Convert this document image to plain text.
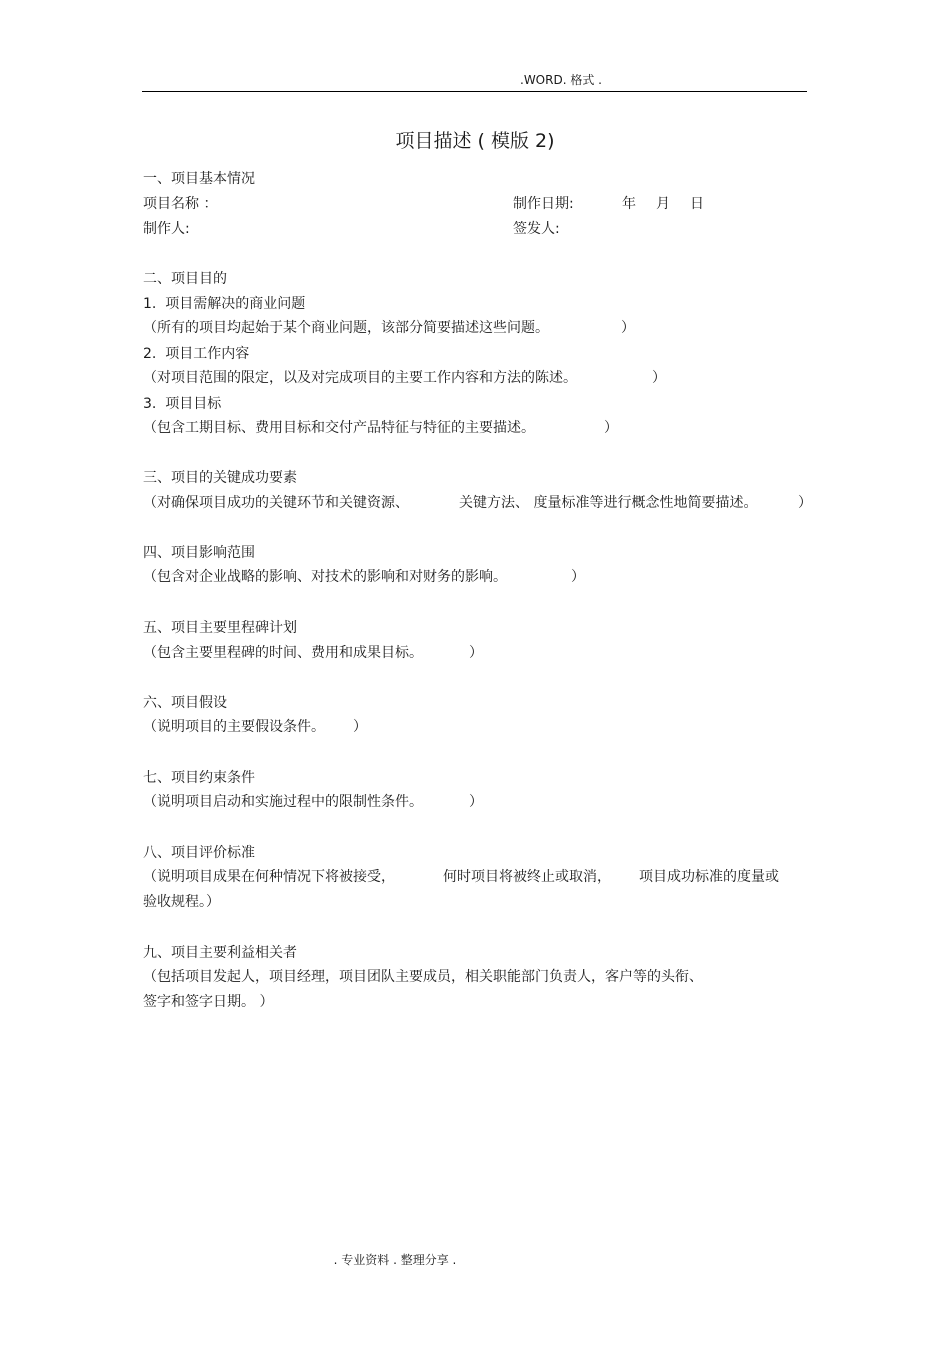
.WORD. 格式 .
项目描述 ( 模版 2)
一、项目基本情况
项目名称 ：	制作日期:	年 月 日
制作人:	签发人:
二、项目目的
1.  项目需解决的商业问题
（所有的项目均起始于某个商业问题，该部分简要描述这些问题。	）
2.  项目工作内容
（对项目范围的限定，以及对完成项目的主要工作内容和方法的陈述。	）
3.  项目目标
（包含工期目标、费用目标和交付产品特征与特征的主要描述。	）
三、项目的关键成功要素
（对确保项目成功的关键环节和关键资源、	关键方法、 度量标准等进行概念性地简要描述。	）
四、项目影响范围
（包含对企业战略的影响、对技术的影响和对财务的影响。	）
五、项目主要里程碑计划
（包含主要里程碑的时间、费用和成果目标。	）
六、项目假设
（说明项目的主要假设条件。 ）
七、项目约束条件
（说明项目启动和实施过程中的限制性条件。	）
八、项目评价标准
（说明项目成果在何种情况下将被接受，	何时项目将被终止或取消， 项目成功标准的度量或
验收规程。）
九、项目主要利益相关者
（包括项目发起人，项目经理，项目团队主要成员，相关职能部门负责人，客户等的头衔、
签字和签字日期。 ）
. 专业资料 . 整理分享 .
